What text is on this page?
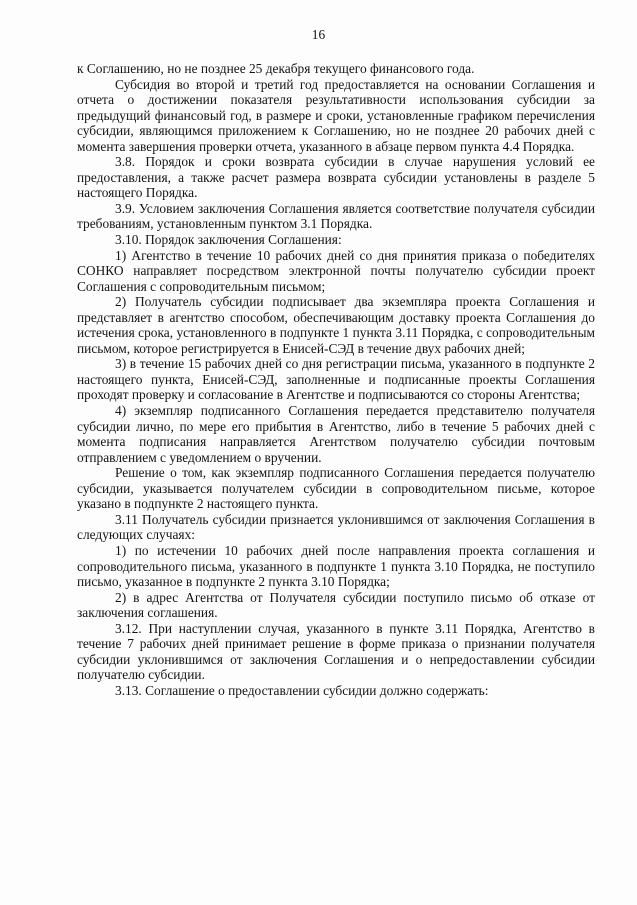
16

к Соглашению, но не позднее 25 декабря текущего финансового года.

Субсидия во второй и третий год предоставляется на основании Соглашения и отчета о достижении показателя результативности использования субсидии за предыдущий финансовый год, в размере и сроки, установленные графиком перечисления субсидии, являющимся приложением к Соглашению, но не позднее 20 рабочих дней с момента завершения проверки отчета, указанного в абзаце первом пункта 4.4 Порядка.

3.8. Порядок и сроки возврата субсидии в случае нарушения условий ее предоставления, а также расчет размера возврата субсидии установлены в разделе 5 настоящего Порядка.

3.9. Условием заключения Соглашения является соответствие получателя субсидии требованиям, установленным пунктом 3.1 Порядка.

3.10. Порядок заключения Соглашения:

1) Агентство в течение 10 рабочих дней со дня принятия приказа о победителях СОНКО направляет посредством электронной почты получателю субсидии проект Соглашения с сопроводительным письмом;

2) Получатель субсидии подписывает два экземпляра проекта Соглашения и представляет в агентство способом, обеспечивающим доставку проекта Соглашения до истечения срока, установленного в подпункте 1 пункта 3.11 Порядка, с сопроводительным письмом, которое регистрируется в Енисей-СЭД в течение двух рабочих дней;

3) в течение 15 рабочих дней со дня регистрации письма, указанного в подпункте 2 настоящего пункта, Енисей-СЭД, заполненные и подписанные проекты Соглашения проходят проверку и согласование в Агентстве и подписываются со стороны Агентства;

4) экземпляр подписанного Соглашения передается представителю получателя субсидии лично, по мере его прибытия в Агентство, либо в течение 5 рабочих дней с момента подписания направляется Агентством получателю субсидии почтовым отправлением с уведомлением о вручении.

Решение о том, как экземпляр подписанного Соглашения передается получателю субсидии, указывается получателем субсидии в сопроводительном письме, которое указано в подпункте 2 настоящего пункта.

3.11 Получатель субсидии признается уклонившимся от заключения Соглашения в следующих случаях:

1) по истечении 10 рабочих дней после направления проекта соглашения и сопроводительного письма, указанного в подпункте 1 пункта 3.10 Порядка, не поступило письмо, указанное в подпункте 2 пункта 3.10 Порядка;

2) в адрес Агентства от Получателя субсидии поступило письмо об отказе от заключения соглашения.

3.12. При наступлении случая, указанного в пункте 3.11 Порядка, Агентство в течение 7 рабочих дней принимает решение в форме приказа о признании получателя субсидии уклонившимся от заключения Соглашения и о непредоставлении субсидии получателю субсидии.

3.13. Соглашение о предоставлении субсидии должно содержать:
